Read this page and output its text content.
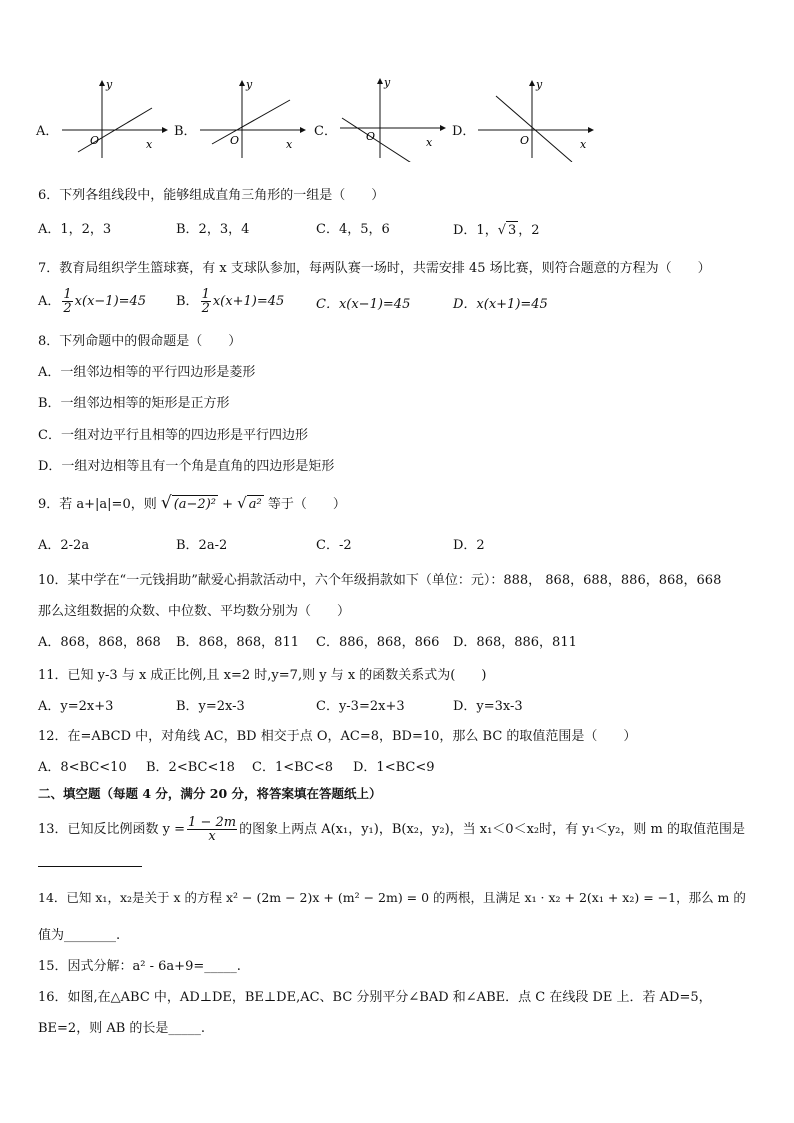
A．
y
O	x
B．
y
O	x
C．
y
O	x
D．
y
O	x
6．下列各组线段中，能够组成直角三角形的一组是（　　）
A．1，2，3	B．2，3，4	C．4，5，6	D．1，√ 3 ，2
7．教育局组织学生篮球赛，有 x 支球队参加，每两队赛一场时，共需安排 45 场比赛，则符合题意的方程为（　　）
A． $\frac{1}{2} x(x-1)=45$ B． $\frac{1}{2} x(x+1)=45$ C．x(x−1)=45	D．x(x+1)=45
8．下列命题中的假命题是（　　）
A．一组邻边相等的平行四边形是菱形
B．一组邻边相等的矩形是正方形
C．一组对边平行且相等的四边形是平行四边形
D．一组对边相等且有一个角是直角的四边形是矩形
9．若 a+|a|=0，则 √ (a−2)² + √ a² 等于（　　）
A．2-2a	B．2a-2	C．-2	D．2
10．某中学在“一元钱捐助”献爱心捐款活动中，六个年级捐款如下（单位：元）：888， 868，688，886，868，668
那么这组数据的众数、中位数、平均数分别为（　　）
A．868，868，868 B．868，868，811 C．886，868，866 D．868，886，811
11．已知 y-3 与 x 成正比例,且 x=2 时,y=7,则 y 与 x 的函数关系式为(　　)
A．y=2x+3	B．y=2x-3	C．y-3=2x+3	D．y=3x-3
12．在=ABCD 中，对角线 AC，BD 相交于点 O，AC=8，BD=10，那么 BC 的取值范围是（　　）
A．8<BC<10 B．2<BC<18 C．1<BC<8 D．1<BC<9
二、填空题（每题 4 分，满分 20 分，将答案填在答题纸上）
13．已知反比例函数 $y = \frac{1 - 2m}{x}$ 的图象上两点 A(x₁，y₁)，B(x₂，y₂)，当 x₁＜0＜x₂时，有 y₁＜y₂，则 m 的取值范围是
14．已知 x₁，x₂是关于 x 的方程 x² − (2m − 2)x + (m² − 2m) = 0 的两根，且满足 x₁ · x₂ + 2(x₁ + x₂) = −1，那么 m 的
值为________.
15．因式分解：a² - 6a+9=_____.
16．如图,在△ABC 中，AD⊥DE，BE⊥DE,AC、BC 分别平分∠BAD 和∠ABE．点 C 在线段 DE 上．若 AD=5，
BE=2，则 AB 的长是_____.
